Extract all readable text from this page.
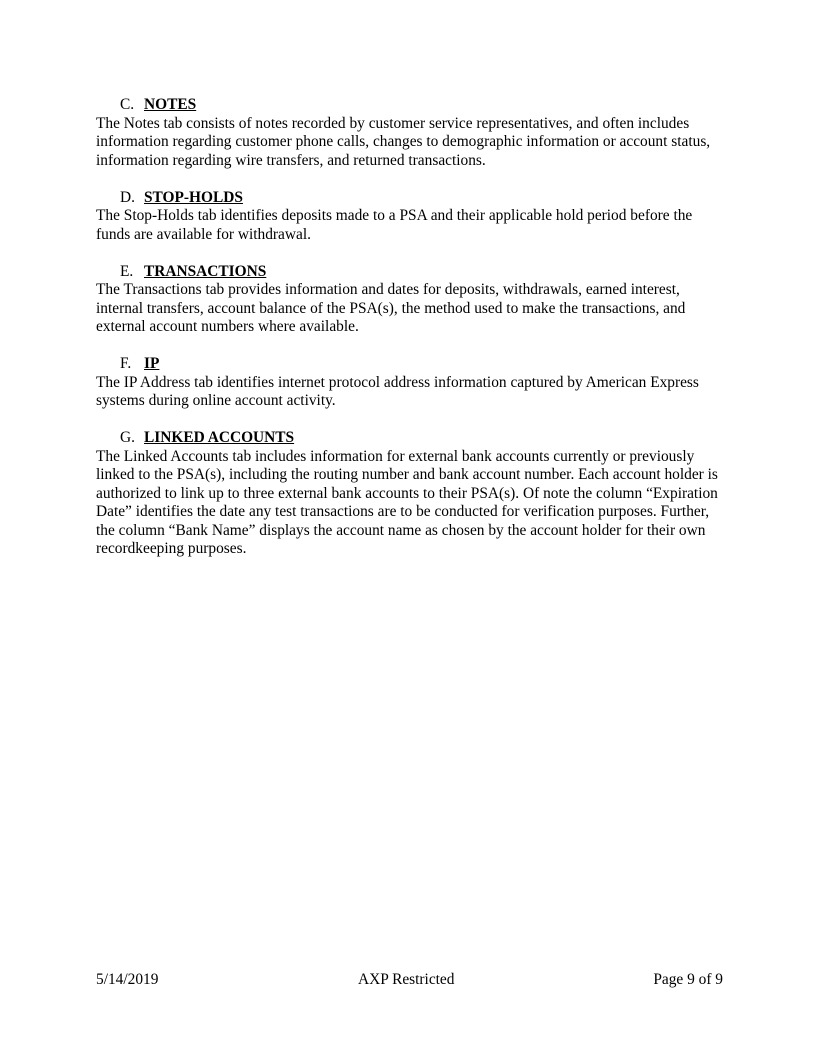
C. NOTES

The Notes tab consists of notes recorded by customer service representatives, and often includes information regarding customer phone calls, changes to demographic information or account status, information regarding wire transfers, and returned transactions.

D. STOP-HOLDS

The Stop-Holds tab identifies deposits made to a PSA and their applicable hold period before the funds are available for withdrawal.

E. TRANSACTIONS

The Transactions tab provides information and dates for deposits, withdrawals, earned interest, internal transfers, account balance of the PSA(s), the method used to make the transactions, and external account numbers where available.

F. IP

The IP Address tab identifies internet protocol address information captured by American Express systems during online account activity.

G. LINKED ACCOUNTS

The Linked Accounts tab includes information for external bank accounts currently or previously linked to the PSA(s), including the routing number and bank account number. Each account holder is authorized to link up to three external bank accounts to their PSA(s). Of note the column “Expiration Date” identifies the date any test transactions are to be conducted for verification purposes. Further, the column “Bank Name” displays the account name as chosen by the account holder for their own recordkeeping purposes.

5/14/2019	AXP Restricted	Page 9 of 9
